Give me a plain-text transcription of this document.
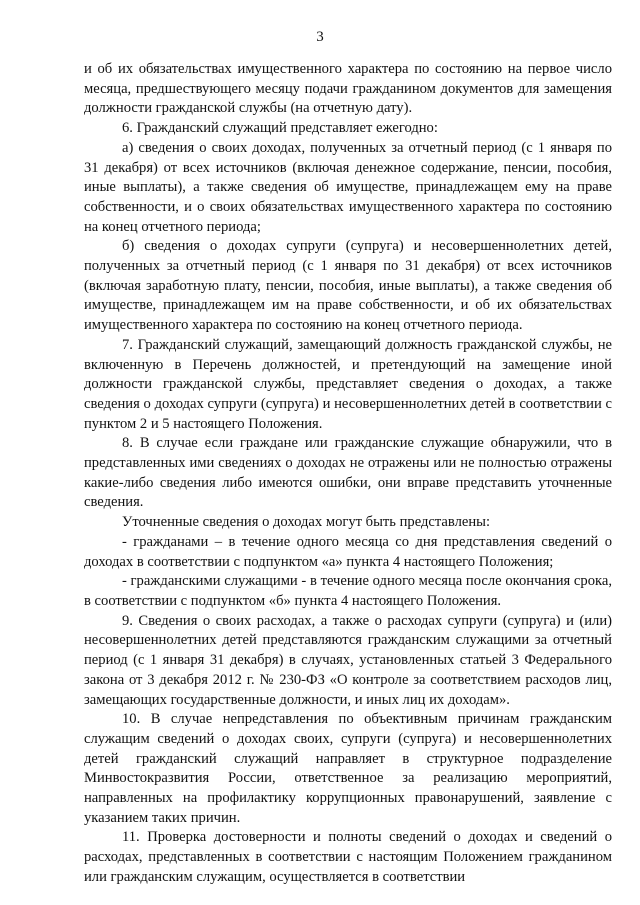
3

и об их обязательствах имущественного характера по состоянию на первое число месяца, предшествующего месяцу подачи гражданином документов для замещения должности гражданской службы (на отчетную дату).

6. Гражданский служащий представляет ежегодно:

а) сведения о своих доходах, полученных за отчетный период (с 1 января по 31 декабря) от всех источников (включая денежное содержание, пенсии, пособия, иные выплаты), а также сведения об имуществе, принадлежащем ему на праве собственности, и о своих обязательствах имущественного характера по состоянию на конец отчетного периода;

б) сведения о доходах супруги (супруга) и несовершеннолетних детей, полученных за отчетный период (с 1 января по 31 декабря) от всех источников (включая заработную плату, пенсии, пособия, иные выплаты), а также сведения об имуществе, принадлежащем им на праве собственности, и об их обязательствах имущественного характера по состоянию на конец отчетного периода.

7. Гражданский служащий, замещающий должность гражданской службы, не включенную в Перечень должностей, и претендующий на замещение иной должности гражданской службы, представляет сведения о доходах, а также сведения о доходах супруги (супруга) и несовершеннолетних детей в соответствии с пунктом 2 и 5 настоящего Положения.

8. В случае если граждане или гражданские служащие обнаружили, что в представленных ими сведениях о доходах не отражены или не полностью отражены какие-либо сведения либо имеются ошибки, они вправе представить уточненные сведения.

Уточненные сведения о доходах могут быть представлены:

- гражданами – в течение одного месяца со дня представления сведений о доходах в соответствии с подпунктом «а» пункта 4 настоящего Положения;

- гражданскими служащими - в течение одного месяца после окончания срока, в соответствии с подпунктом «б» пункта 4 настоящего Положения.

9. Сведения о своих расходах, а также о расходах супруги (супруга) и (или) несовершеннолетних детей представляются гражданским служащими за отчетный период (с 1 января 31 декабря) в случаях, установленных статьей 3 Федерального закона от 3 декабря 2012 г. № 230-ФЗ «О контроле за соответствием расходов лиц, замещающих государственные должности, и иных лиц их доходам».

10. В случае непредставления по объективным причинам гражданским служащим сведений о доходах своих, супруги (супруга) и несовершеннолетних детей гражданский служащий направляет в структурное подразделение Минвостокразвития России, ответственное за реализацию мероприятий, направленных на профилактику коррупционных правонарушений, заявление с указанием таких причин.

11. Проверка достоверности и полноты сведений о доходах и сведений о расходах, представленных в соответствии с настоящим Положением гражданином или гражданским служащим, осуществляется в соответствии
